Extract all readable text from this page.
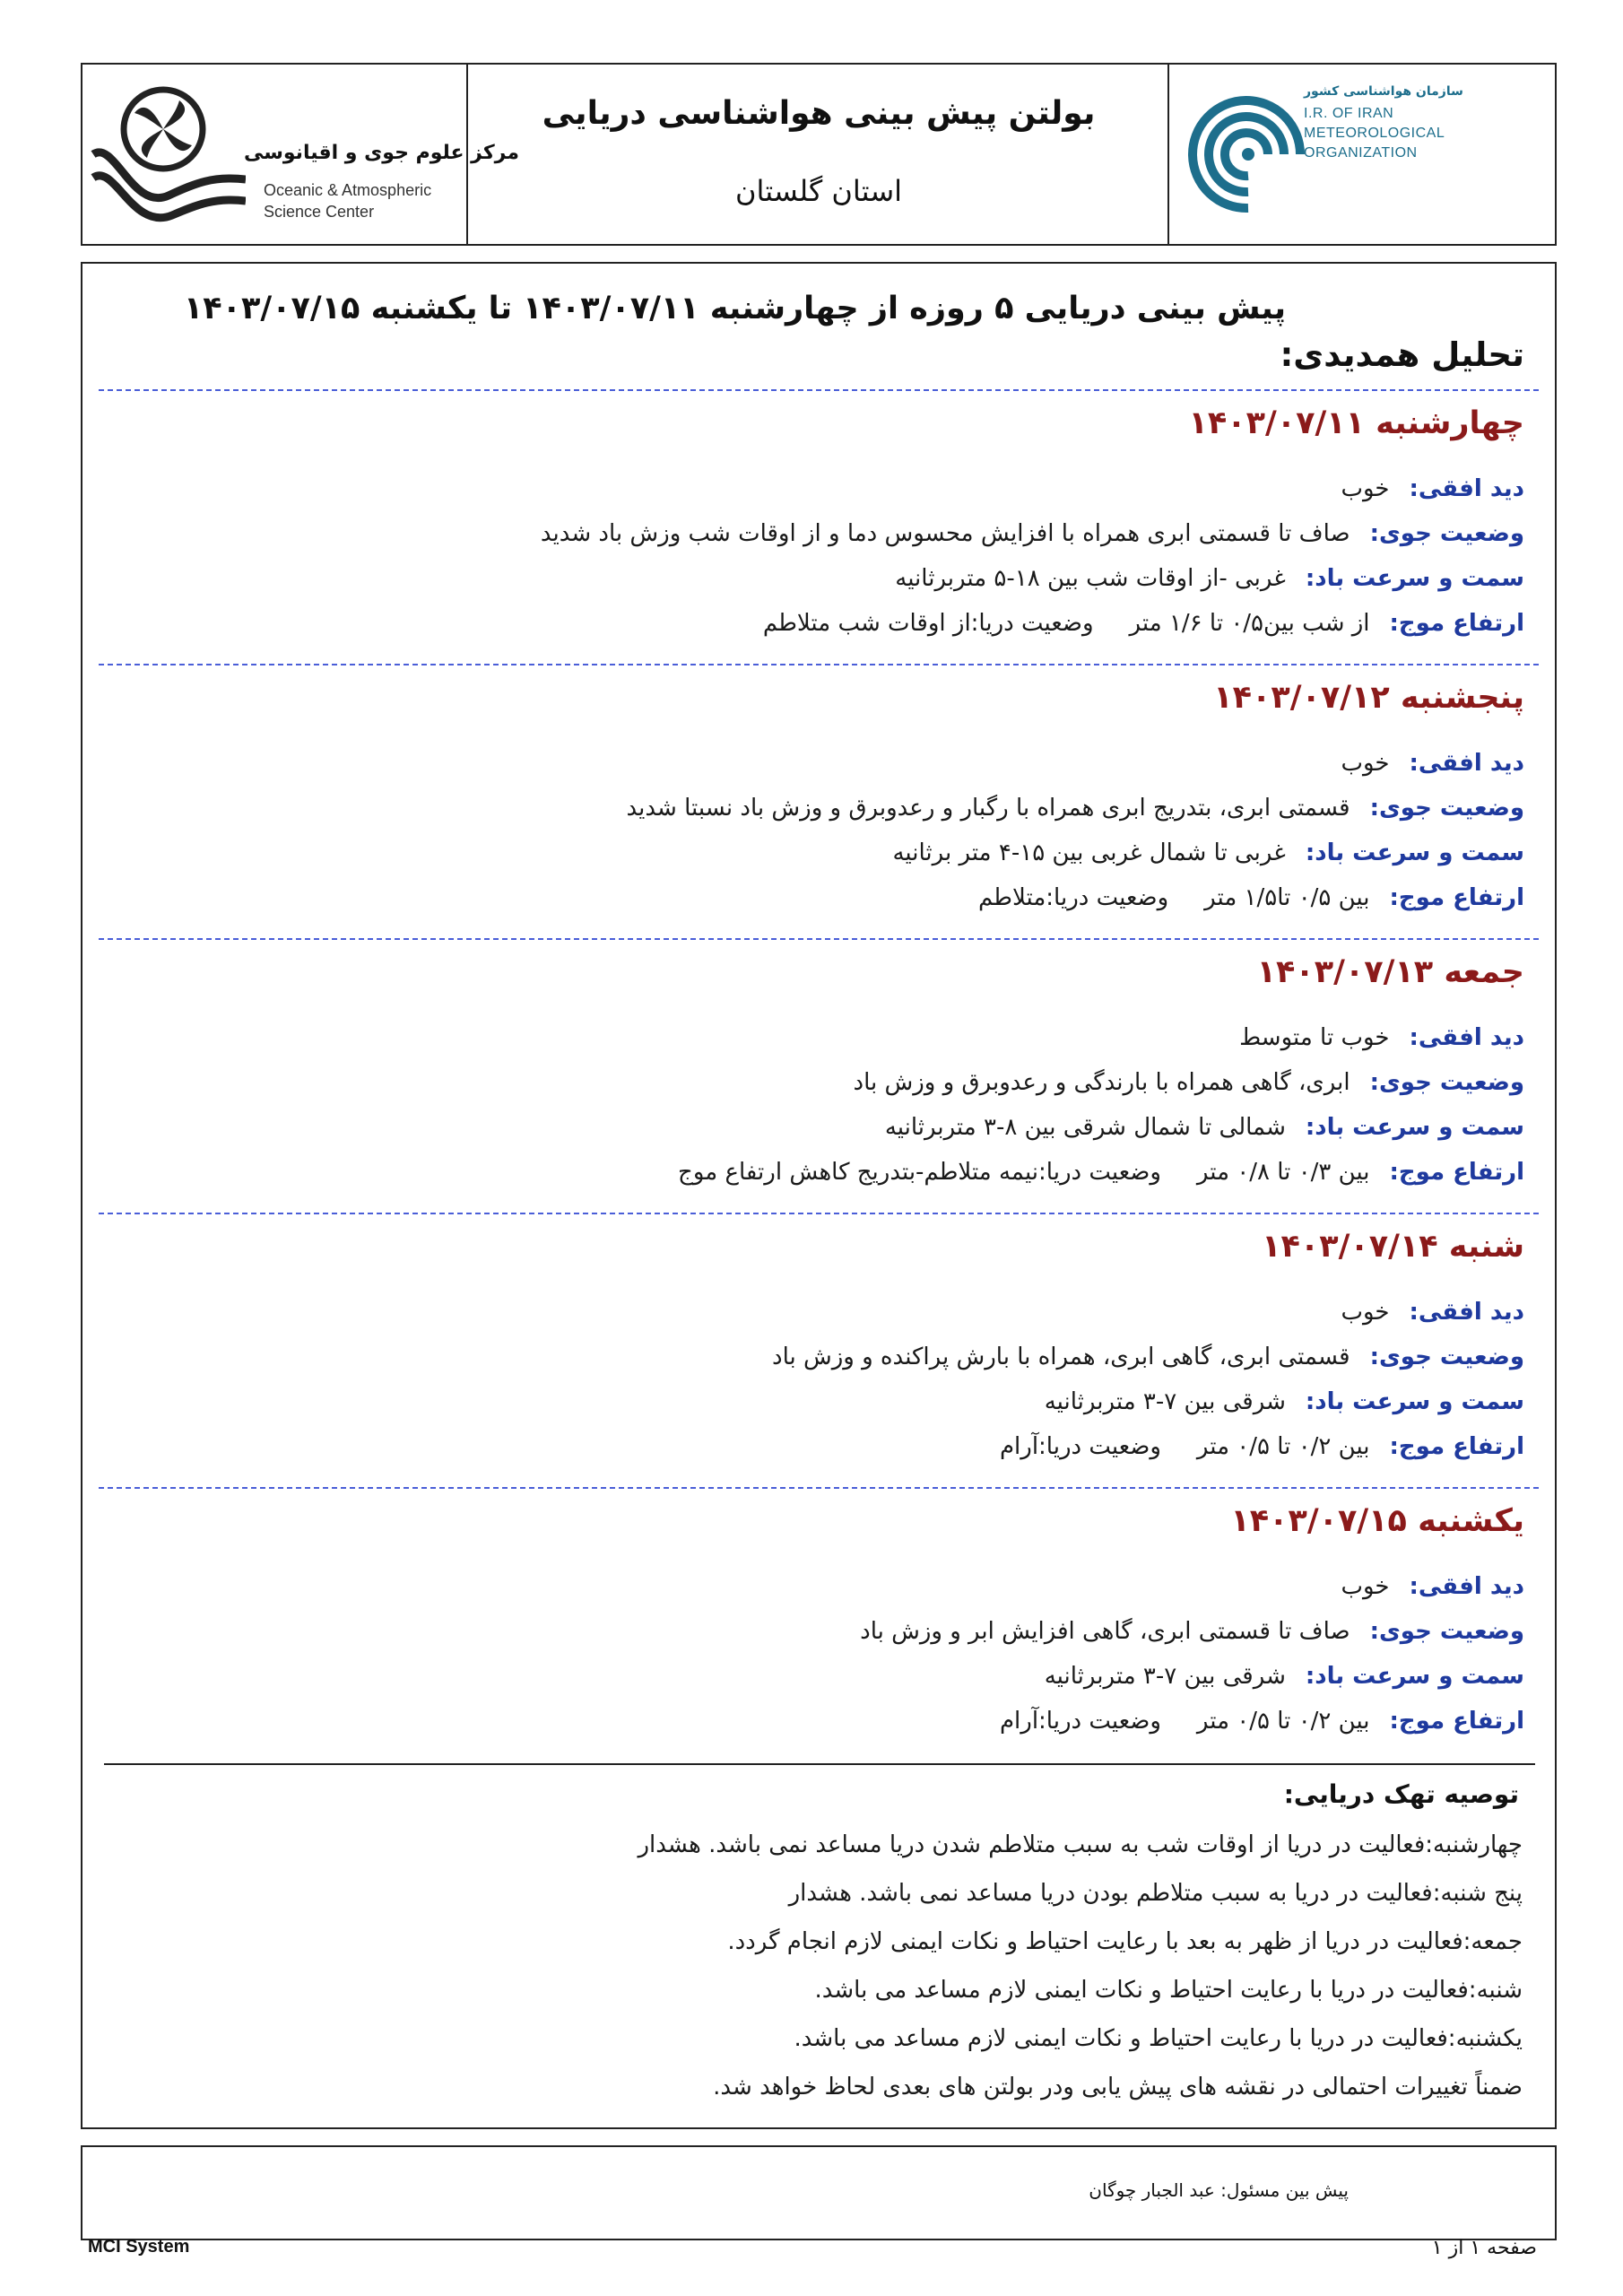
مرکز علوم جوی و اقیانوسی
Oceanic & Atmospheric
Science Center
بولتن پیش بینی هواشناسی دریایی
استان گلستان
سازمان هواشناسی کشور
I.R. OF IRAN
METEOROLOGICAL
ORGANIZATION
پیش بینی دریایی ۵ روزه از چهارشنبه ۱۴۰۳/۰۷/۱۱ تا یکشنبه ۱۴۰۳/۰۷/۱۵
تحلیل همدیدی:
چهارشنبه ۱۴۰۳/۰۷/۱۱
دید افقی:خوب
وضعیت جوی:صاف تا قسمتی ابری همراه با افزایش محسوس دما و از اوقات شب وزش باد شدید
سمت و سرعت باد:غربی -از اوقات شب بین ۱۸-۵ متربرثانیه
ارتفاع موج:از شب بین۰/۵ تا ۱/۶ متروضعیت دریا:از اوقات شب متلاطم
پنجشنبه ۱۴۰۳/۰۷/۱۲
دید افقی:خوب
وضعیت جوی:قسمتی ابری، بتدریج ابری همراه با رگبار و رعدوبرق و وزش باد نسبتا شدید
سمت و سرعت باد:غربی تا شمال غربی بین ۱۵-۴ متر برثانیه
ارتفاع موج:بین ۰/۵ تا۱/۵ متروضعیت دریا:متلاطم
جمعه ۱۴۰۳/۰۷/۱۳
دید افقی:خوب تا متوسط
وضعیت جوی:ابری، گاهی همراه با بارندگی و رعدوبرق و وزش باد
سمت و سرعت باد:شمالی تا شمال شرقی بین ۸-۳ متربرثانیه
ارتفاع موج:بین ۰/۳ تا ۰/۸ متروضعیت دریا:نیمه متلاطم-بتدریج کاهش ارتفاع موج
شنبه ۱۴۰۳/۰۷/۱۴
دید افقی:خوب
وضعیت جوی:قسمتی ابری، گاهی ابری، همراه با بارش پراکنده و وزش باد
سمت و سرعت باد:شرقی بین ۷-۳ متربرثانیه
ارتفاع موج:بین ۰/۲ تا ۰/۵ متروضعیت دریا:آرام
یکشنبه ۱۴۰۳/۰۷/۱۵
دید افقی:خوب
وضعیت جوی:صاف تا قسمتی ابری، گاهی افزایش ابر و وزش باد
سمت و سرعت باد:شرقی بین ۷-۳ متربرثانیه
ارتفاع موج:بین ۰/۲ تا ۰/۵ متروضعیت دریا:آرام
توصیه تهک دریایی:
چهارشنبه:فعالیت در دریا از اوقات شب به سبب متلاطم شدن دریا مساعد نمی باشد. هشدار
پنج شنبه:فعالیت در دریا به سبب متلاطم بودن دریا مساعد نمی باشد. هشدار
جمعه:فعالیت در دریا از ظهر به بعد با رعایت احتیاط و نکات ایمنی لازم انجام گردد.
شنبه:فعالیت در دریا با رعایت احتیاط و نکات ایمنی لازم مساعد می باشد.
یکشنبه:فعالیت در دریا با رعایت احتیاط و نکات ایمنی لازم مساعد می باشد.
ضمناً تغییرات احتمالی در نقشه های پیش یابی ودر بولتن های بعدی لحاظ خواهد شد.
پیش بین مسئول: عبد الجبار چوگان
MCI System	صفحه ۱ از ۱
